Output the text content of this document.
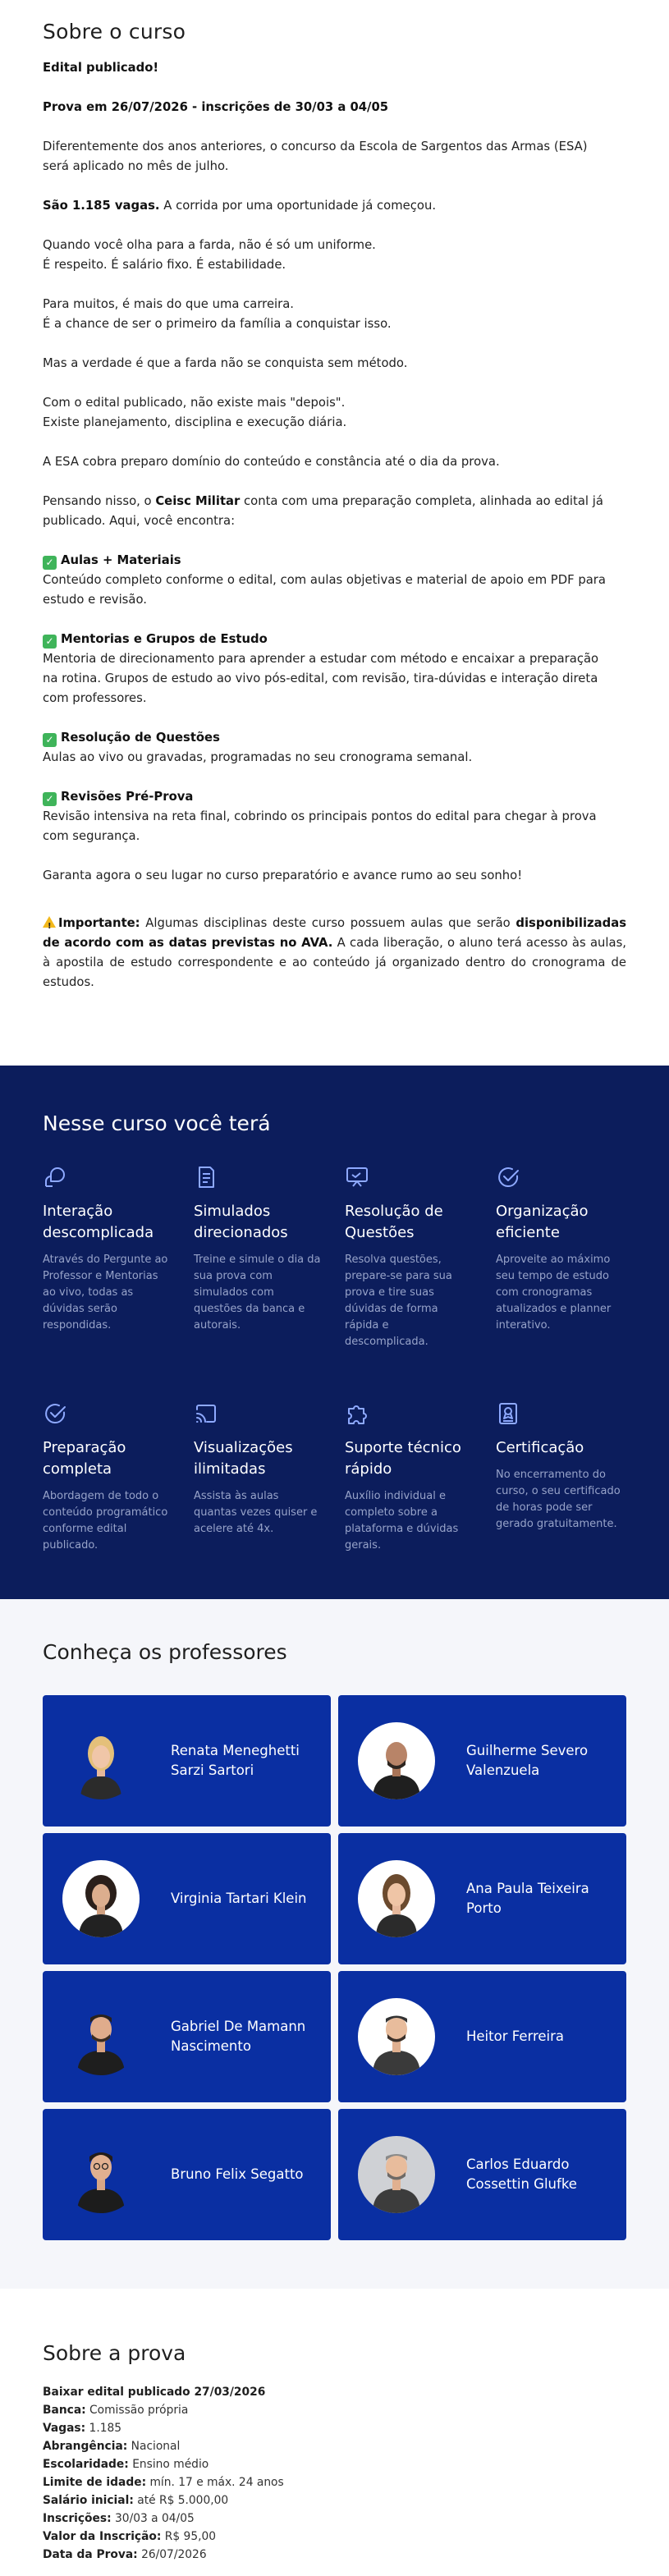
Sobre o curso

Edital publicado!

Prova em 26/07/2026 - inscrições de 30/03 a 04/05

Diferentemente dos anos anteriores, o concurso da Escola de Sargentos das Armas (ESA)
será aplicado no mês de julho.

São 1.185 vagas. A corrida por uma oportunidade já começou.

Quando você olha para a farda, não é só um uniforme.
É respeito. É salário fixo. É estabilidade.

Para muitos, é mais do que uma carreira.
É a chance de ser o primeiro da família a conquistar isso.

Mas a verdade é que a farda não se conquista sem método.

Com o edital publicado, não existe mais "depois".
Existe planejamento, disciplina e execução diária.

A ESA cobra preparo domínio do conteúdo e constância até o dia da prova.

Pensando nisso, o Ceisc Militar conta com uma preparação completa, alinhada ao edital já
publicado. Aqui, você encontra:

✓ Aulas + Materiais
Conteúdo completo conforme o edital, com aulas objetivas e material de apoio em PDF para
estudo e revisão.
✓ Mentorias e Grupos de Estudo
Mentoria de direcionamento para aprender a estudar com método e encaixar a preparação
na rotina. Grupos de estudo ao vivo pós-edital, com revisão, tira-dúvidas e interação direta
com professores.
✓ Resolução de Questões
Aulas ao vivo ou gravadas, programadas no seu cronograma semanal.
✓ Revisões Pré-Prova
Revisão intensiva na reta final, cobrindo os principais pontos do edital para chegar à prova
com segurança.

Garanta agora o seu lugar no curso preparatório e avance rumo ao seu sonho!

!Importante: Algumas disciplinas deste curso possuem aulas que serão disponibilizadas de acordo com as datas previstas no AVA. A cada liberação, o aluno terá acesso às aulas, à apostila de estudo correspondente e ao conteúdo já organizado dentro do cronograma de estudos.

Nesse curso você terá
Interação descomplicada
Através do Pergunte ao Professor e Mentorias ao vivo, todas as dúvidas serão respondidas.
Simulados direcionados
Treine e simule o dia da sua prova com simulados com questões da banca e autorais.
Resolução de Questões
Resolva questões, prepare-se para sua prova e tire suas dúvidas de forma rápida e descomplicada.
Organização eficiente
Aproveite ao máximo seu tempo de estudo com cronogramas atualizados e planner interativo.
Preparação completa
Abordagem de todo o conteúdo programático conforme edital publicado.
Visualizações ilimitadas
Assista às aulas quantas vezes quiser e acelere até 4x.
Suporte técnico rápido
Auxílio individual e completo sobre a plataforma e dúvidas gerais.
Certificação
No encerramento do curso, o seu certificado de horas pode ser gerado gratuitamente.
Conheça os professores
Renata Meneghetti Sarzi Sartori
Guilherme Severo Valenzuela
Virginia Tartari Klein
Ana Paula Teixeira Porto
Gabriel De Mamann Nascimento
Heitor Ferreira
Bruno Felix Segatto
Carlos Eduardo Cossettin Glufke
Sobre a prova
Baixar edital publicado 27/03/2026
Banca: Comissão própria
Vagas: 1.185
Abrangência: Nacional
Escolaridade: Ensino médio
Limite de idade: mín. 17 e máx. 24 anos
Salário inicial: até R$ 5.000,00
Inscrições: 30/03 a 04/05
Valor da Inscrição: R$ 95,00
Data da Prova: 26/07/2026
